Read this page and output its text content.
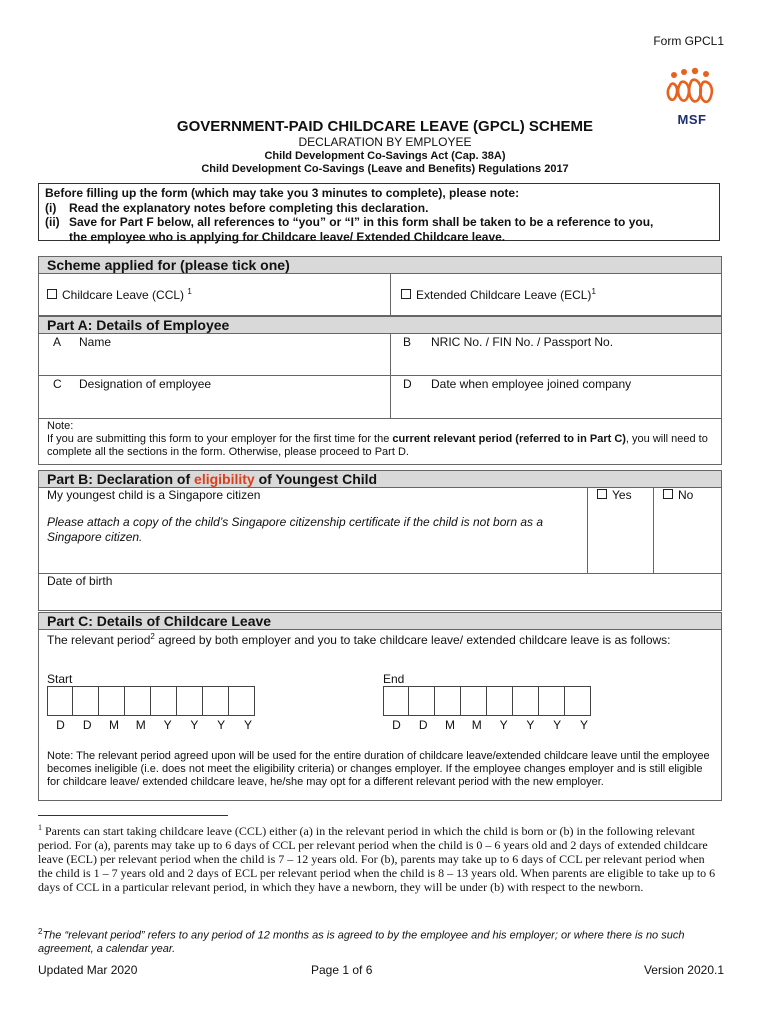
Form GPCL1
MSF
GOVERNMENT-PAID CHILDCARE LEAVE (GPCL) SCHEME
DECLARATION BY EMPLOYEE
Child Development Co-Savings Act (Cap. 38A)
Child Development Co-Savings (Leave and Benefits) Regulations 2017
Before filling up the form (which may take you 3 minutes to complete), please note:
(i)	Read the explanatory notes before completing this declaration.
(ii) Save for Part F below, all references to “you” or “I” in this form shall be taken to be a reference to you,
the employee who is applying for Childcare leave/ Extended Childcare leave.
Scheme applied for (please tick one)
Childcare Leave (CCL) $^1$	Extended Childcare Leave (ECL)$^1$
Part A: Details of Employee
A Name	B NRIC No. / FIN No. / Passport No.
C Designation of employee	D Date when employee joined company
Note:
If you are submitting this form to your employer for the first time for the current relevant period (referred to in Part C), you will need to complete all the sections in the form. Otherwise, please proceed to Part D.
Part B: Declaration of eligibility of Youngest Child
My youngest child is a Singapore citizen	Yes	No
Please attach a copy of the child’s Singapore citizenship certificate if the child is not born as a Singapore citizen.
Date of birth
Part C: Details of Childcare Leave
The relevant period$^2$ agreed by both employer and you to take childcare leave/ extended childcare leave is as follows:
Start	End
D	D	M	M	Y	Y	Y	Y	D	D	M	M	Y	Y	Y	Y
Note: The relevant period agreed upon will be used for the entire duration of childcare leave/extended childcare leave until the employee becomes ineligible (i.e. does not meet the eligibility criteria) or changes employer. If the employee changes employer and is still eligible for childcare leave/ extended childcare leave, he/she may opt for a different relevant period with the new employer.
$^1$ Parents can start taking childcare leave (CCL) either (a) in the relevant period in which the child is born or (b) in the following relevant period. For (a), parents may take up to 6 days of CCL per relevant period when the child is 0 – 6 years old and 2 days of extended childcare leave (ECL) per relevant period when the child is 7 – 12 years old. For (b), parents may take up to 6 days of CCL per relevant period when the child is 1 – 7 years old and 2 days of ECL per relevant period when the child is 8 – 13 years old. When parents are eligible to take up to 6 days of CCL in a particular relevant period, in which they have a newborn, they will be under (b) with respect to the newborn.
$^2$The “relevant period” refers to any period of 12 months as is agreed to by the employee and his employer; or where there is no such agreement, a calendar year.
Updated Mar 2020	Page 1 of 6	Version 2020.1
